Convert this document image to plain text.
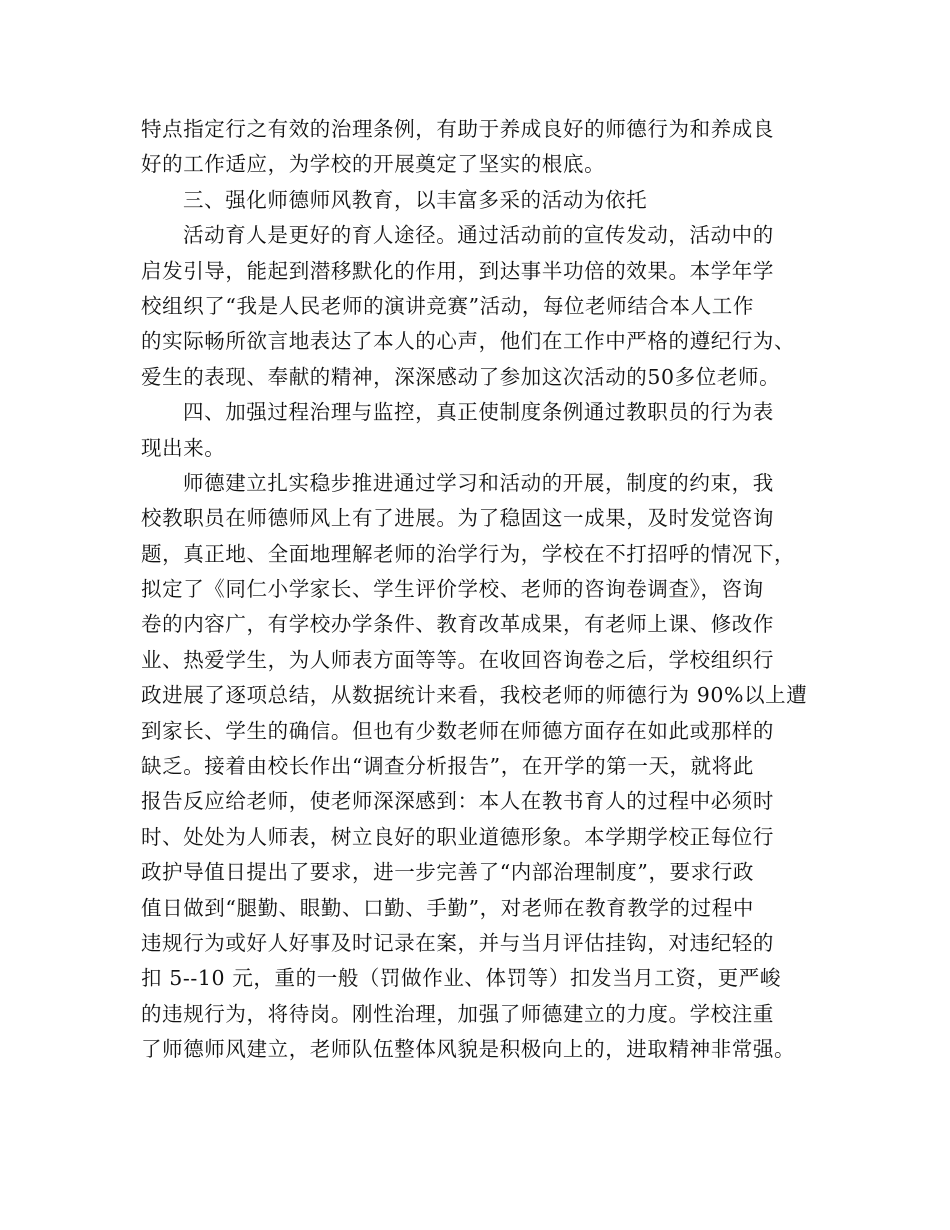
特点指定行之有效的治理条例，有助于养成良好的师德行为和养成良
好的工作适应，为学校的开展奠定了坚实的根底。
三、强化师德师风教育，以丰富多采的活动为依托
活动育人是更好的育人途径。通过活动前的宣传发动，活动中的
启发引导，能起到潜移默化的作用，到达事半功倍的效果。本学年学
校组织了“我是人民老师的演讲竞赛”活动，每位老师结合本人工作
的实际畅所欲言地表达了本人的心声，他们在工作中严格的遵纪行为、
爱生的表现、奉献的精神，深深感动了参加这次活动的50多位老师。
四、加强过程治理与监控，真正使制度条例通过教职员的行为表
现出来。
师德建立扎实稳步推进通过学习和活动的开展，制度的约束，我
校教职员在师德师风上有了进展。为了稳固这一成果，及时发觉咨询
题，真正地、全面地理解老师的治学行为，学校在不打招呼的情况下，
拟定了《同仁小学家长、学生评价学校、老师的咨询卷调查》，咨询
卷的内容广，有学校办学条件、教育改革成果，有老师上课、修改作
业、热爱学生，为人师表方面等等。在收回咨询卷之后，学校组织行
政进展了逐项总结，从数据统计来看，我校老师的师德行为 90%以上遭
到家长、学生的确信。但也有少数老师在师德方面存在如此或那样的
缺乏。接着由校长作出“调查分析报告”，在开学的第一天，就将此
报告反应给老师，使老师深深感到：本人在教书育人的过程中必须时
时、处处为人师表，树立良好的职业道德形象。本学期学校正每位行
政护导值日提出了要求，进一步完善了“内部治理制度”，要求行政
值日做到“腿勤、眼勤、口勤、手勤”，对老师在教育教学的过程中
违规行为或好人好事及时记录在案，并与当月评估挂钩，对违纪轻的
扣 5--10 元，重的一般（罚做作业、体罚等）扣发当月工资，更严峻
的违规行为，将待岗。刚性治理，加强了师德建立的力度。学校注重
了师德师风建立，老师队伍整体风貌是积极向上的，进取精神非常强。
